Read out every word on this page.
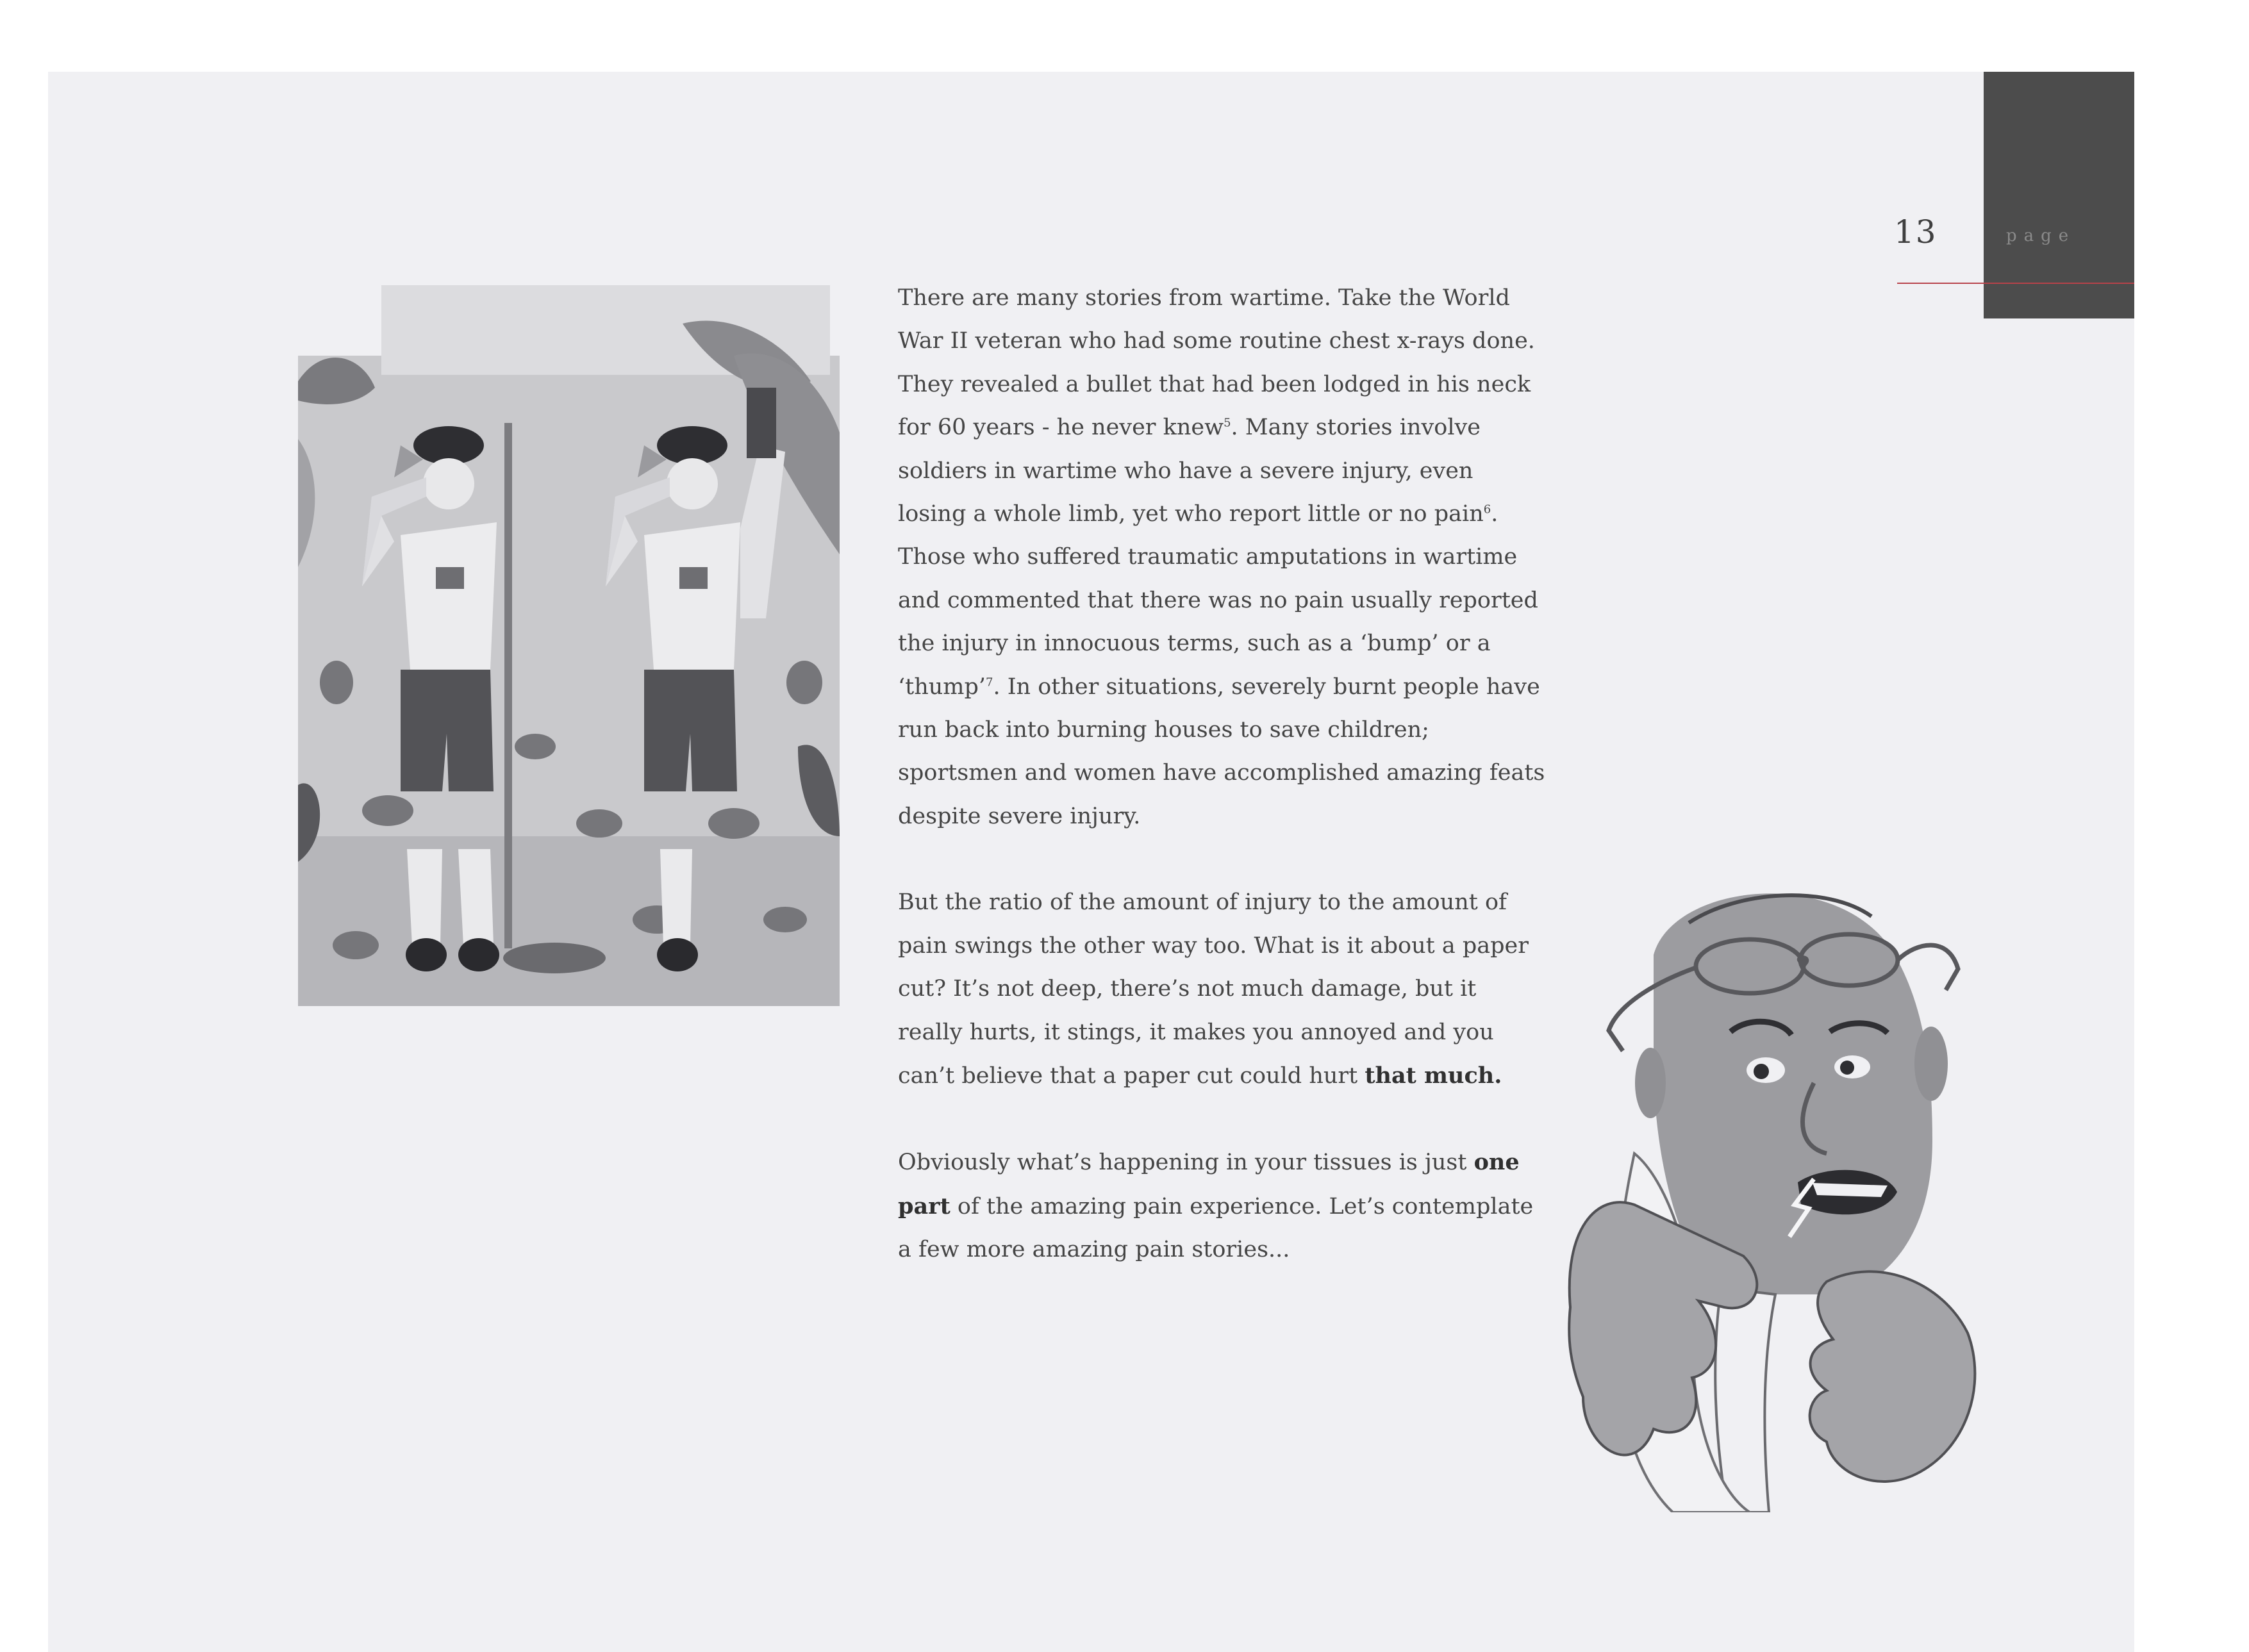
page
13

There are many stories from wartime. Take the World War II veteran who had some routine chest x-rays done. They revealed a bullet that had been lodged in his neck for 60 years - he never knew$^5$. Many stories involve soldiers in wartime who have a severe injury, even losing a whole limb, yet who report little or no pain$^6$. Those who suffered traumatic amputations in wartime and commented that there was no pain usually reported the injury in innocuous terms, such as a ‘bump’ or a ‘thump’$^7$. In other situations, severely burnt people have run back into burning houses to save children; sportsmen and women have accomplished amazing feats despite severe injury.

But the ratio of the amount of injury to the amount of pain swings the other way too. What is it about a paper cut? It’s not deep, there’s not much damage, but it really hurts, it stings, it makes you annoyed and you can’t believe that a paper cut could hurt that much.

Obviously what’s happening in your tissues is just one part of the amazing pain experience. Let’s contemplate a few more amazing pain stories...
